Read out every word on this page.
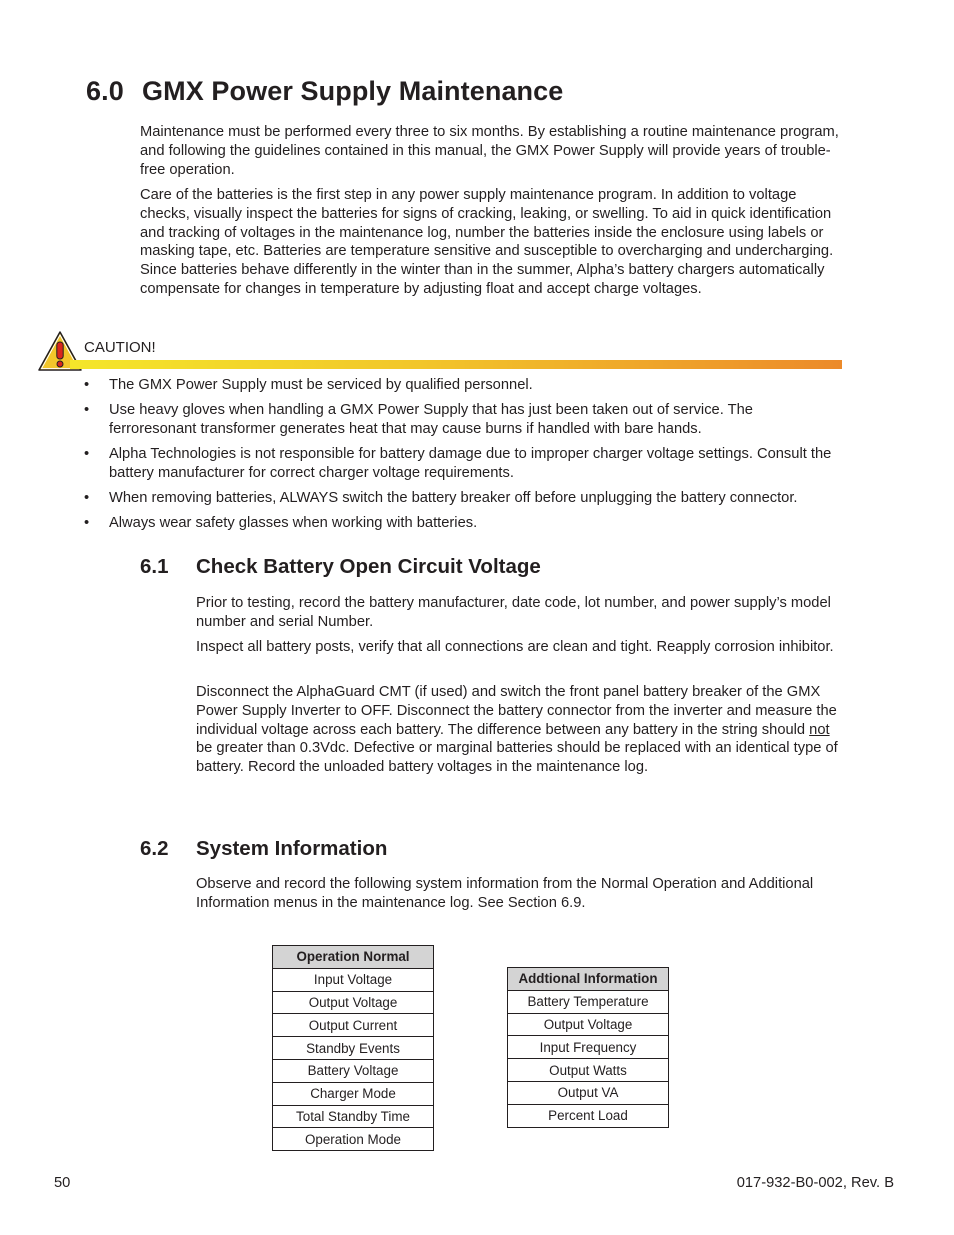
6.0 GMX Power Supply Maintenance

Maintenance must be performed every three to six months. By establishing a routine maintenance program, and following the guidelines contained in this manual, the GMX Power Supply will provide years of trouble-free operation.

Care of the batteries is the first step in any power supply maintenance program. In addition to voltage checks, visually inspect the batteries for signs of cracking, leaking, or swelling. To aid in quick identification and tracking of voltages in the maintenance log, number the batteries inside the enclosure using labels or masking tape, etc. Batteries are temperature sensitive and susceptible to overcharging and undercharging. Since batteries behave differently in the winter than in the summer, Alpha’s battery chargers automatically compensate for changes in temperature by adjusting float and accept charge voltages.

CAUTION!
• The GMX Power Supply must be serviced by qualified personnel.
• Use heavy gloves when handling a GMX Power Supply that has just been taken out of service. The ferroresonant transformer generates heat that may cause burns if handled with bare hands.
• Alpha Technologies is not responsible for battery damage due to improper charger voltage settings. Consult the battery manufacturer for correct charger voltage requirements.
• When removing batteries, ALWAYS switch the battery breaker off before unplugging the battery connector.
• Always wear safety glasses when working with batteries.
6.1 Check Battery Open Circuit Voltage

Prior to testing, record the battery manufacturer, date code, lot number, and power supply’s model number and serial Number.

Inspect all battery posts, verify that all connections are clean and tight. Reapply corrosion inhibitor.

Disconnect the AlphaGuard CMT (if used) and switch the front panel battery breaker of the GMX Power Supply Inverter to OFF. Disconnect the battery connector from the inverter and measure the individual voltage across each battery. The difference between any battery in the string should not be greater than 0.3Vdc. Defective or marginal batteries should be replaced with an identical type of battery. Record the unloaded battery voltages in the maintenance log.

6.2 System Information

Observe and record the following system information from the Normal Operation and Additional Information menus in the maintenance log. See Section 6.9.

Operation Normal
Input Voltage
Output Voltage
Output Current
Standby Events
Battery Voltage
Charger Mode
Total Standby Time
Operation Mode
Addtional Information
Battery Temperature
Output Voltage
Input Frequency
Output Watts
Output VA
Percent Load
50	017-932-B0-002, Rev. B
